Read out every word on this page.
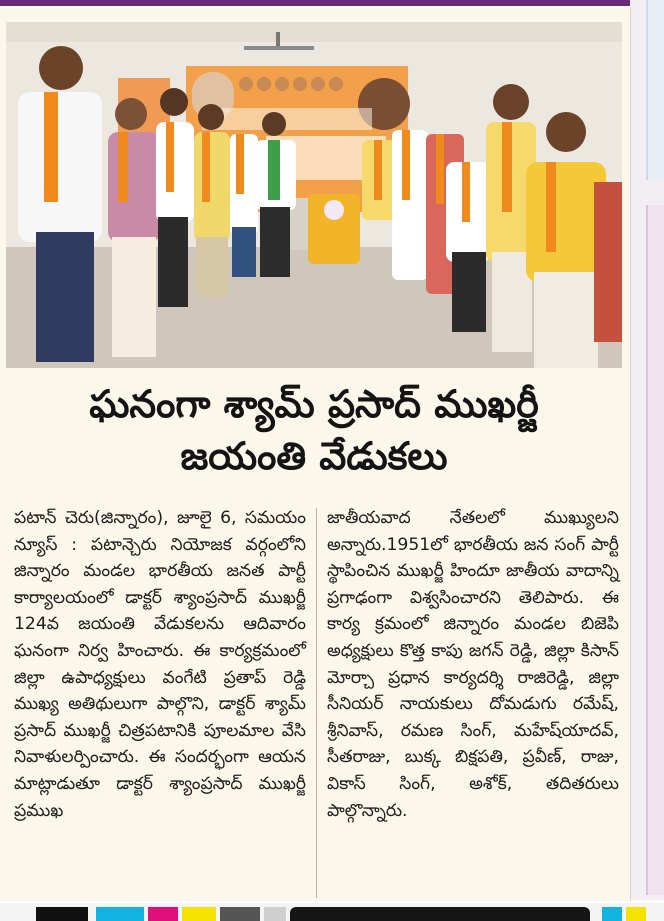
ఘనంగా శ్యామ్ ప్రసాద్ ముఖర్జీ
జయంతి వేడుకలు
పటాన్ చెరు(జిన్నారం), జూలై 6, సమయం న్యూస్ : పటాన్చెరు నియోజక వర్గంలోని జిన్నారం మండల భారతీయ జనత పార్టీ కార్యాలయంలో డాక్టర్ శ్యాంప్రసాద్ ముఖర్జీ 124వ జయంతి వేడుకలను ఆదివారం ఘనంగా నిర్వ హించారు. ఈ కార్యక్రమంలో జిల్లా ఉపాధ్యక్షులు వంగేటి ప్రతాప్ రెడ్డి ముఖ్య అతిథులుగా పాల్గొని, డాక్టర్ శ్యామ్ ప్రసాద్ ముఖర్జీ చిత్రపటానికి పూలమాల వేసి నివాళులర్పించారు. ఈ సందర్భంగా ఆయన మాట్లాడుతూ డాక్టర్ శ్యాంప్రసాద్ ముఖర్జీ ప్రముఖ
జాతీయవాద నేతలలో ముఖ్యులని అన్నారు.1951లో భారతీయ జన సంగ్ పార్టీ స్థాపించిన ముఖర్జీ హిందూ జాతీయ వాదాన్ని ప్రగాఢంగా విశ్వసించారని తెలిపారు. ఈ కార్య క్రమంలో జిన్నారం మండల బిజెపి అధ్యక్షులు కొత్త కాపు జగన్ రెడ్డి, జిల్లా కిసాన్ మోర్చా ప్రధాన కార్యదర్శి రాజిరెడ్డి, జిల్లా సీనియర్ నాయకులు దోమడుగు రమేష్, శ్రీనివాస్, రమణ సింగ్, మహేష్‌యాదవ్, సీతరాజు, బుక్క బిక్షపతి, ప్రవీణ్, రాజు, వికాస్ సింగ్, అశోక్, తదితరులు పాల్గొన్నారు.
